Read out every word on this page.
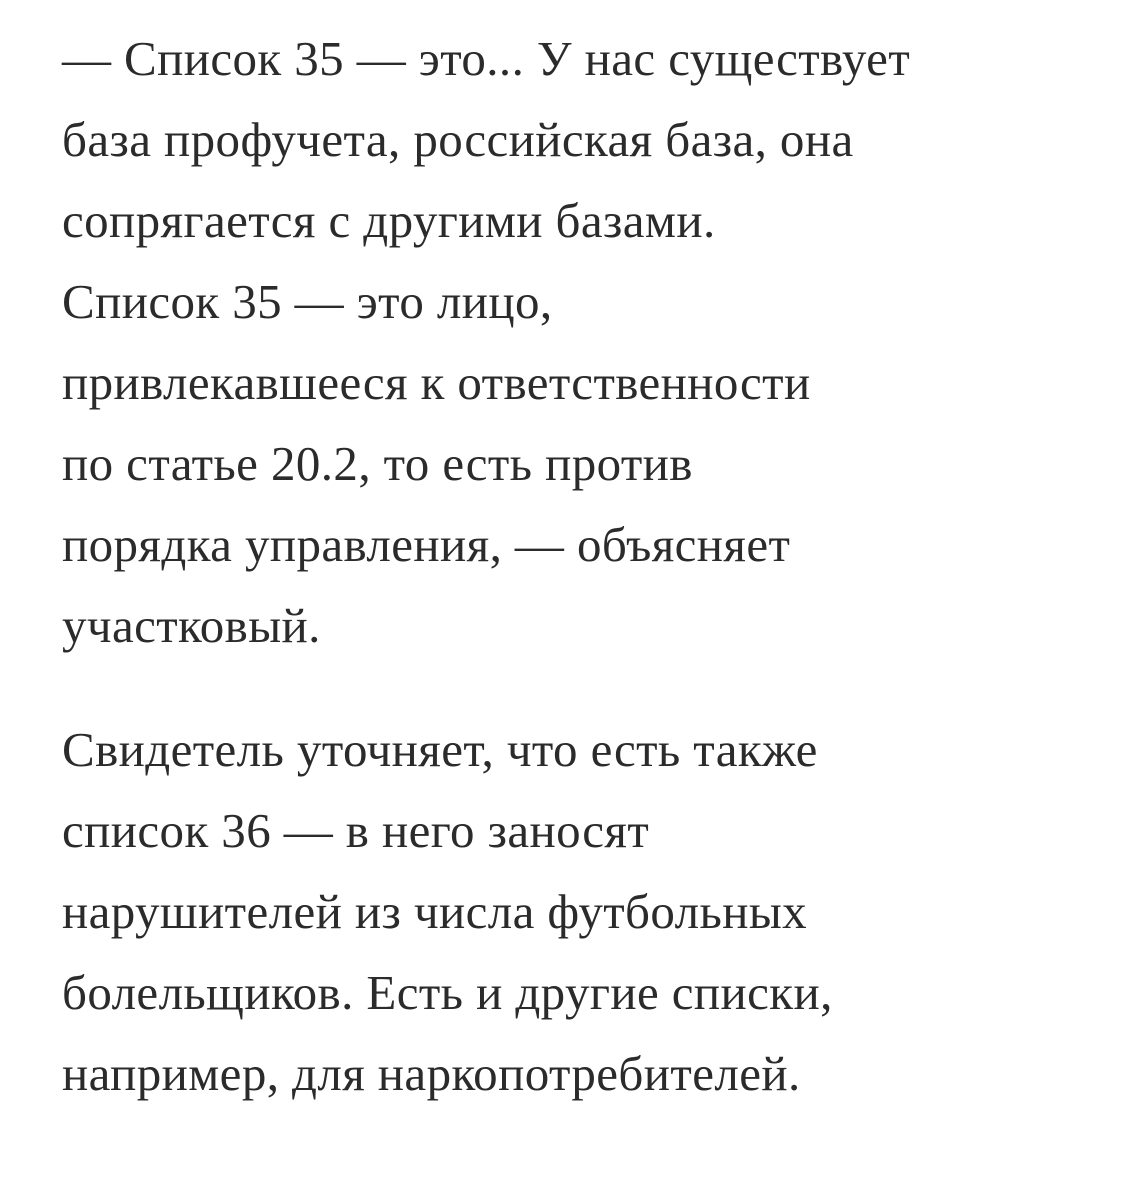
— Список 35 — это... У нас существует
база профучета, российская база, она
сопрягается с другими базами.
Список 35 — это лицо,
привлекавшееся к ответственности
по статье 20.2, то есть против
порядка управления, — объясняет
участковый.

Свидетель уточняет, что есть также
список 36 — в него заносят
нарушителей из числа футбольных
болельщиков. Есть и другие списки,
например, для наркопотребителей.
